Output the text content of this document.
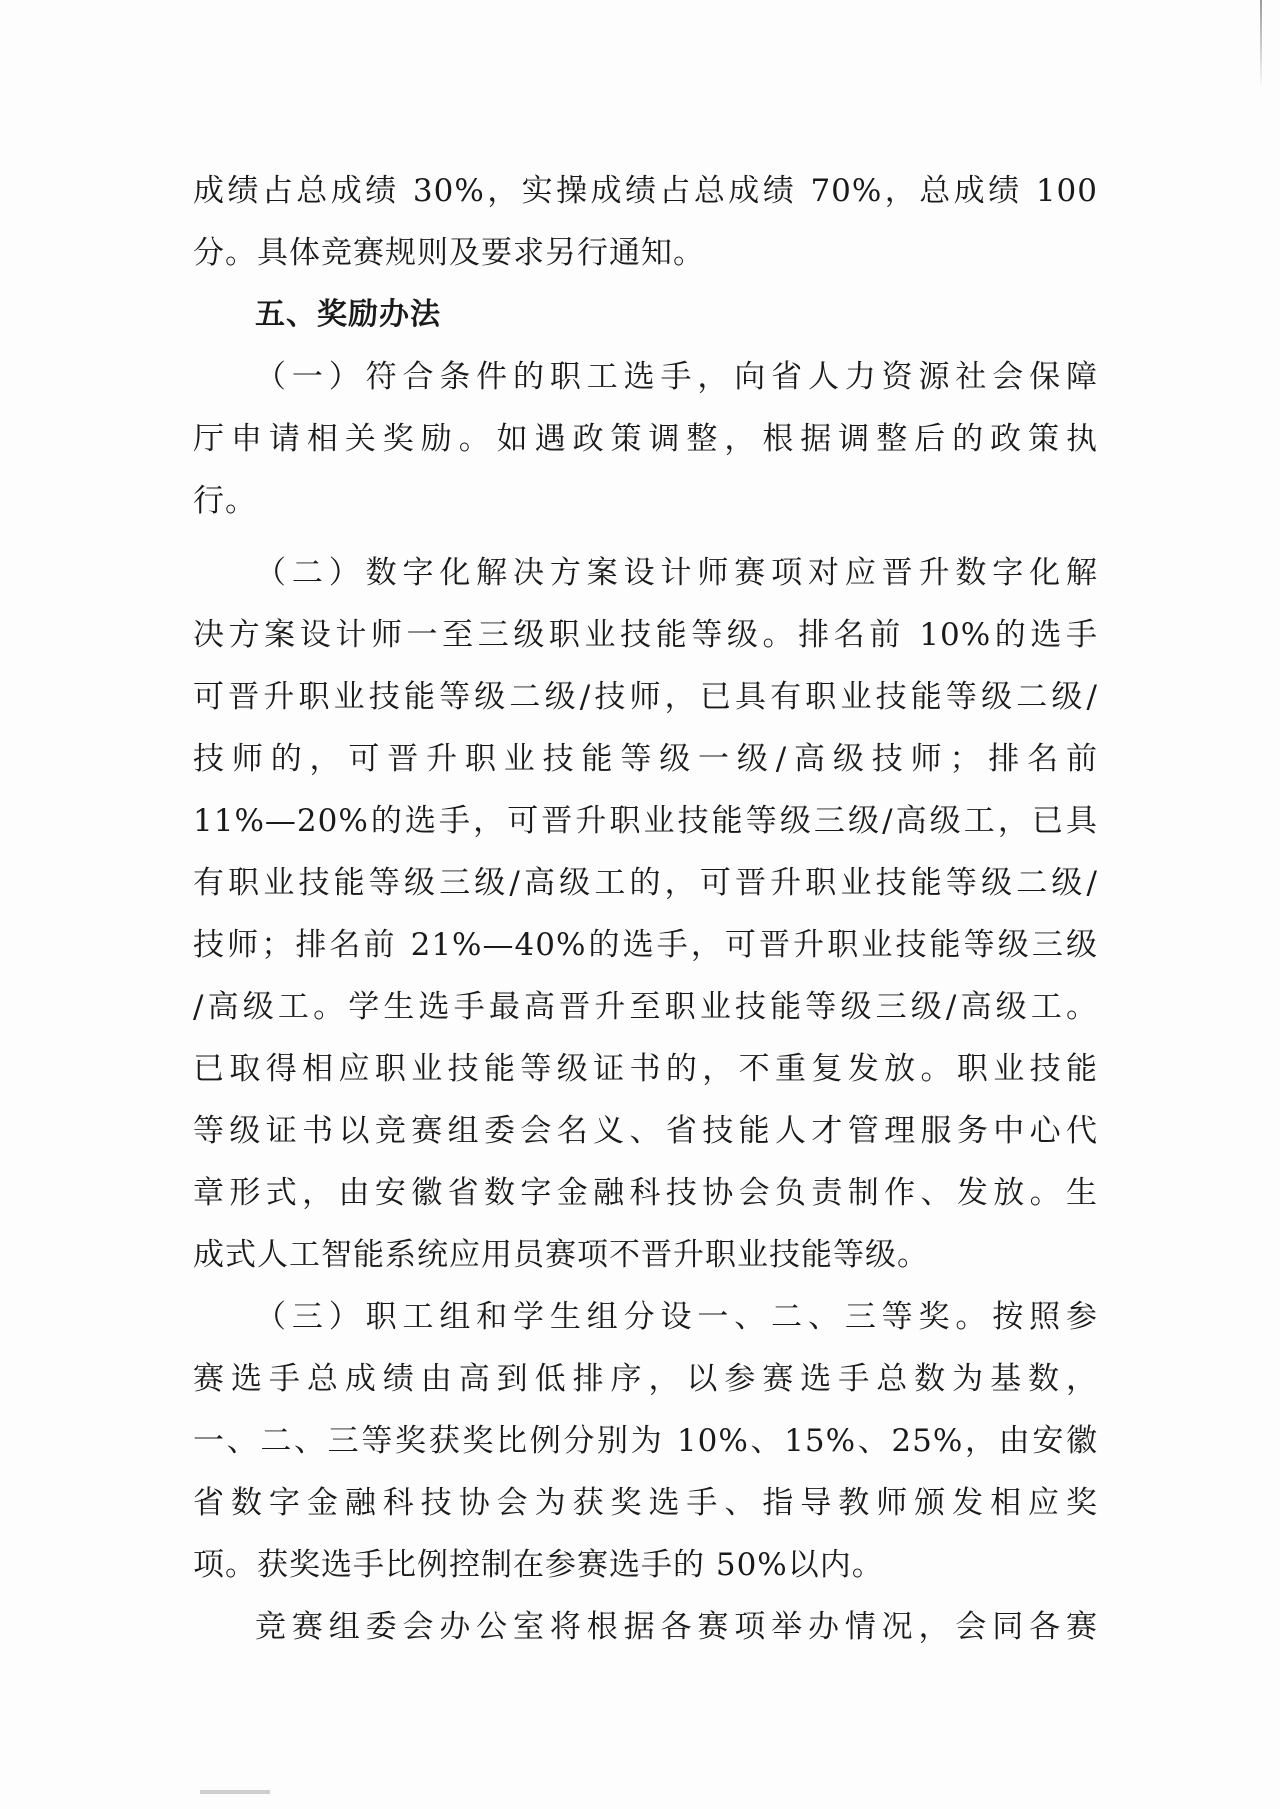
成绩占总成绩 30%，实操成绩占总成绩 70%，总成绩 100
分。具体竞赛规则及要求另行通知。
五、奖励办法
（一）符合条件的职工选手，向省人力资源社会保障
厅申请相关奖励。如遇政策调整，根据调整后的政策执
行。
（二）数字化解决方案设计师赛项对应晋升数字化解
决方案设计师一至三级职业技能等级。排名前 10%的选手
可晋升职业技能等级二级/技师，已具有职业技能等级二级/
技师的，可晋升职业技能等级一级/高级技师；排名前
11%—20%的选手，可晋升职业技能等级三级/高级工，已具
有职业技能等级三级/高级工的，可晋升职业技能等级二级/
技师；排名前 21%—40%的选手，可晋升职业技能等级三级
/高级工。学生选手最高晋升至职业技能等级三级/高级工。
已取得相应职业技能等级证书的，不重复发放。职业技能
等级证书以竞赛组委会名义、省技能人才管理服务中心代
章形式，由安徽省数字金融科技协会负责制作、发放。生
成式人工智能系统应用员赛项不晋升职业技能等级。
（三）职工组和学生组分设一、二、三等奖。按照参
赛选手总成绩由高到低排序，以参赛选手总数为基数，
一、二、三等奖获奖比例分别为 10%、15%、25%，由安徽
省数字金融科技协会为获奖选手、指导教师颁发相应奖
项。获奖选手比例控制在参赛选手的 50%以内。
竞赛组委会办公室将根据各赛项举办情况，会同各赛
